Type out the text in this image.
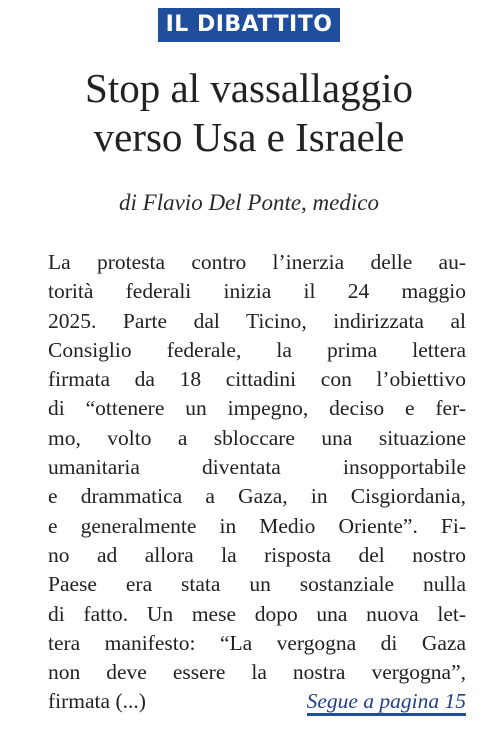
IL DIBATTITO
Stop al vassallaggio
verso Usa e Israele
di Flavio Del Ponte, medico
La protesta contro l’inerzia delle au-
torità federali inizia il 24 maggio
2025. Parte dal Ticino, indirizzata al
Consiglio federale, la prima lettera
firmata da 18 cittadini con l’obiettivo
di “ottenere un impegno, deciso e fer-
mo, volto a sbloccare una situazione
umanitaria diventata insopportabile
e drammatica a Gaza, in Cisgiordania,
e generalmente in Medio Oriente”. Fi-
no ad allora la risposta del nostro
Paese era stata un sostanziale nulla
di fatto. Un mese dopo una nuova let-
tera manifesto: “La vergogna di Gaza
non deve essere la nostra vergogna”,
firmata (...)	Segue a pagina 15
